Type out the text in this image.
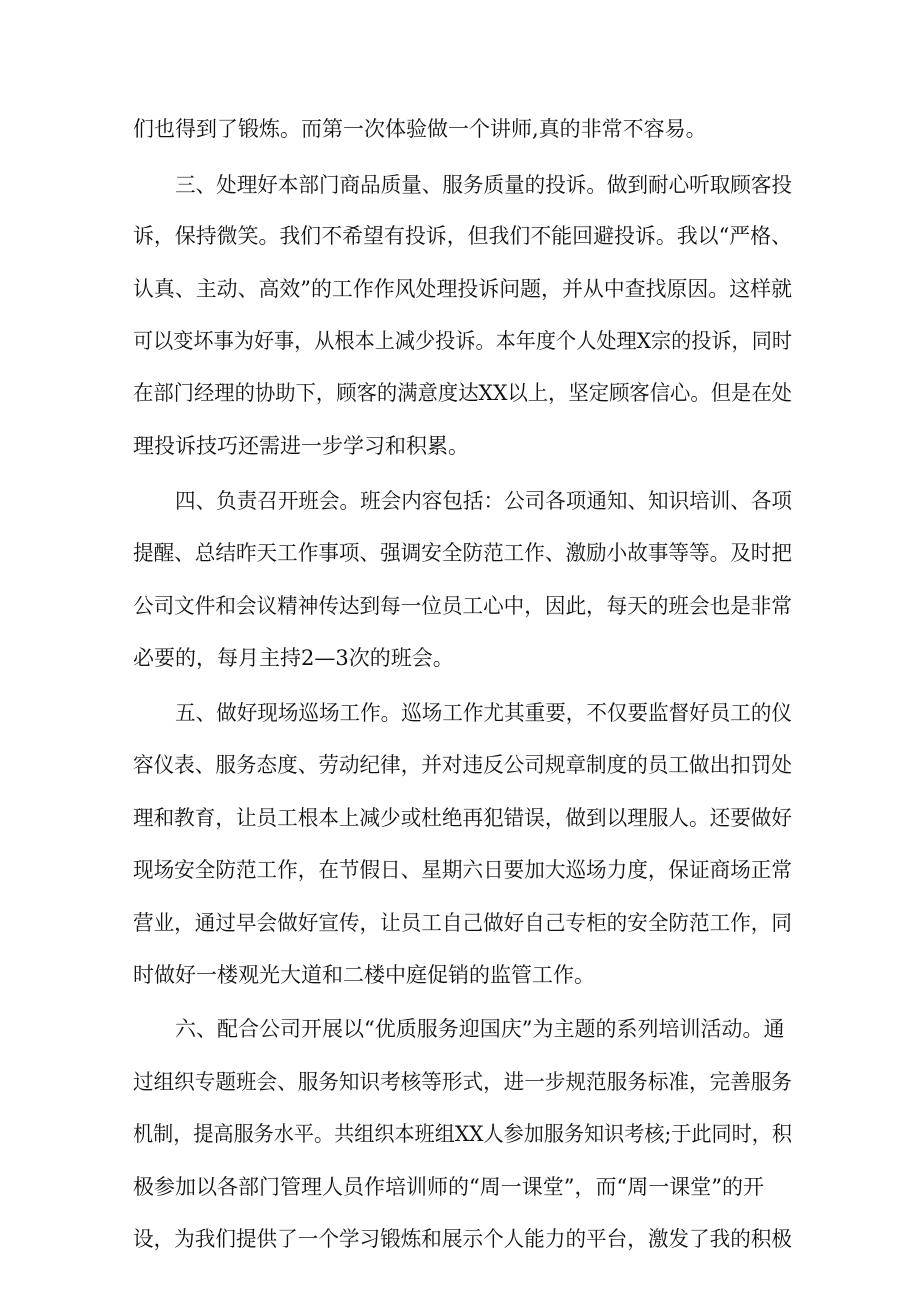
们也得到了锻炼。而第一次体验做一个讲师,真的非常不容易。
三、处理好本部门商品质量、服务质量的投诉。做到耐心听取顾客投
诉，保持微笑。我们不希望有投诉，但我们不能回避投诉。我以“严格、
认真、主动、高效”的工作作风处理投诉问题，并从中查找原因。这样就
可以变坏事为好事，从根本上减少投诉。本年度个人处理X宗的投诉，同时
在部门经理的协助下，顾客的满意度达XX以上，坚定顾客信心。但是在处
理投诉技巧还需进一步学习和积累。
四、负责召开班会。班会内容包括：公司各项通知、知识培训、各项
提醒、总结昨天工作事项、强调安全防范工作、激励小故事等等。及时把
公司文件和会议精神传达到每一位员工心中，因此，每天的班会也是非常
必要的，每月主持2—3次的班会。
五、做好现场巡场工作。巡场工作尤其重要，不仅要监督好员工的仪
容仪表、服务态度、劳动纪律，并对违反公司规章制度的员工做出扣罚处
理和教育，让员工根本上减少或杜绝再犯错误，做到以理服人。还要做好
现场安全防范工作，在节假日、星期六日要加大巡场力度，保证商场正常
营业，通过早会做好宣传，让员工自己做好自己专柜的安全防范工作，同
时做好一楼观光大道和二楼中庭促销的监管工作。
六、配合公司开展以“优质服务迎国庆”为主题的系列培训活动。通
过组织专题班会、服务知识考核等形式，进一步规范服务标准，完善服务
机制，提高服务水平。共组织本班组XX人参加服务知识考核;于此同时，积
极参加以各部门管理人员作培训师的“周一课堂”，而“周一课堂”的开
设，为我们提供了一个学习锻炼和展示个人能力的平台，激发了我的积极
